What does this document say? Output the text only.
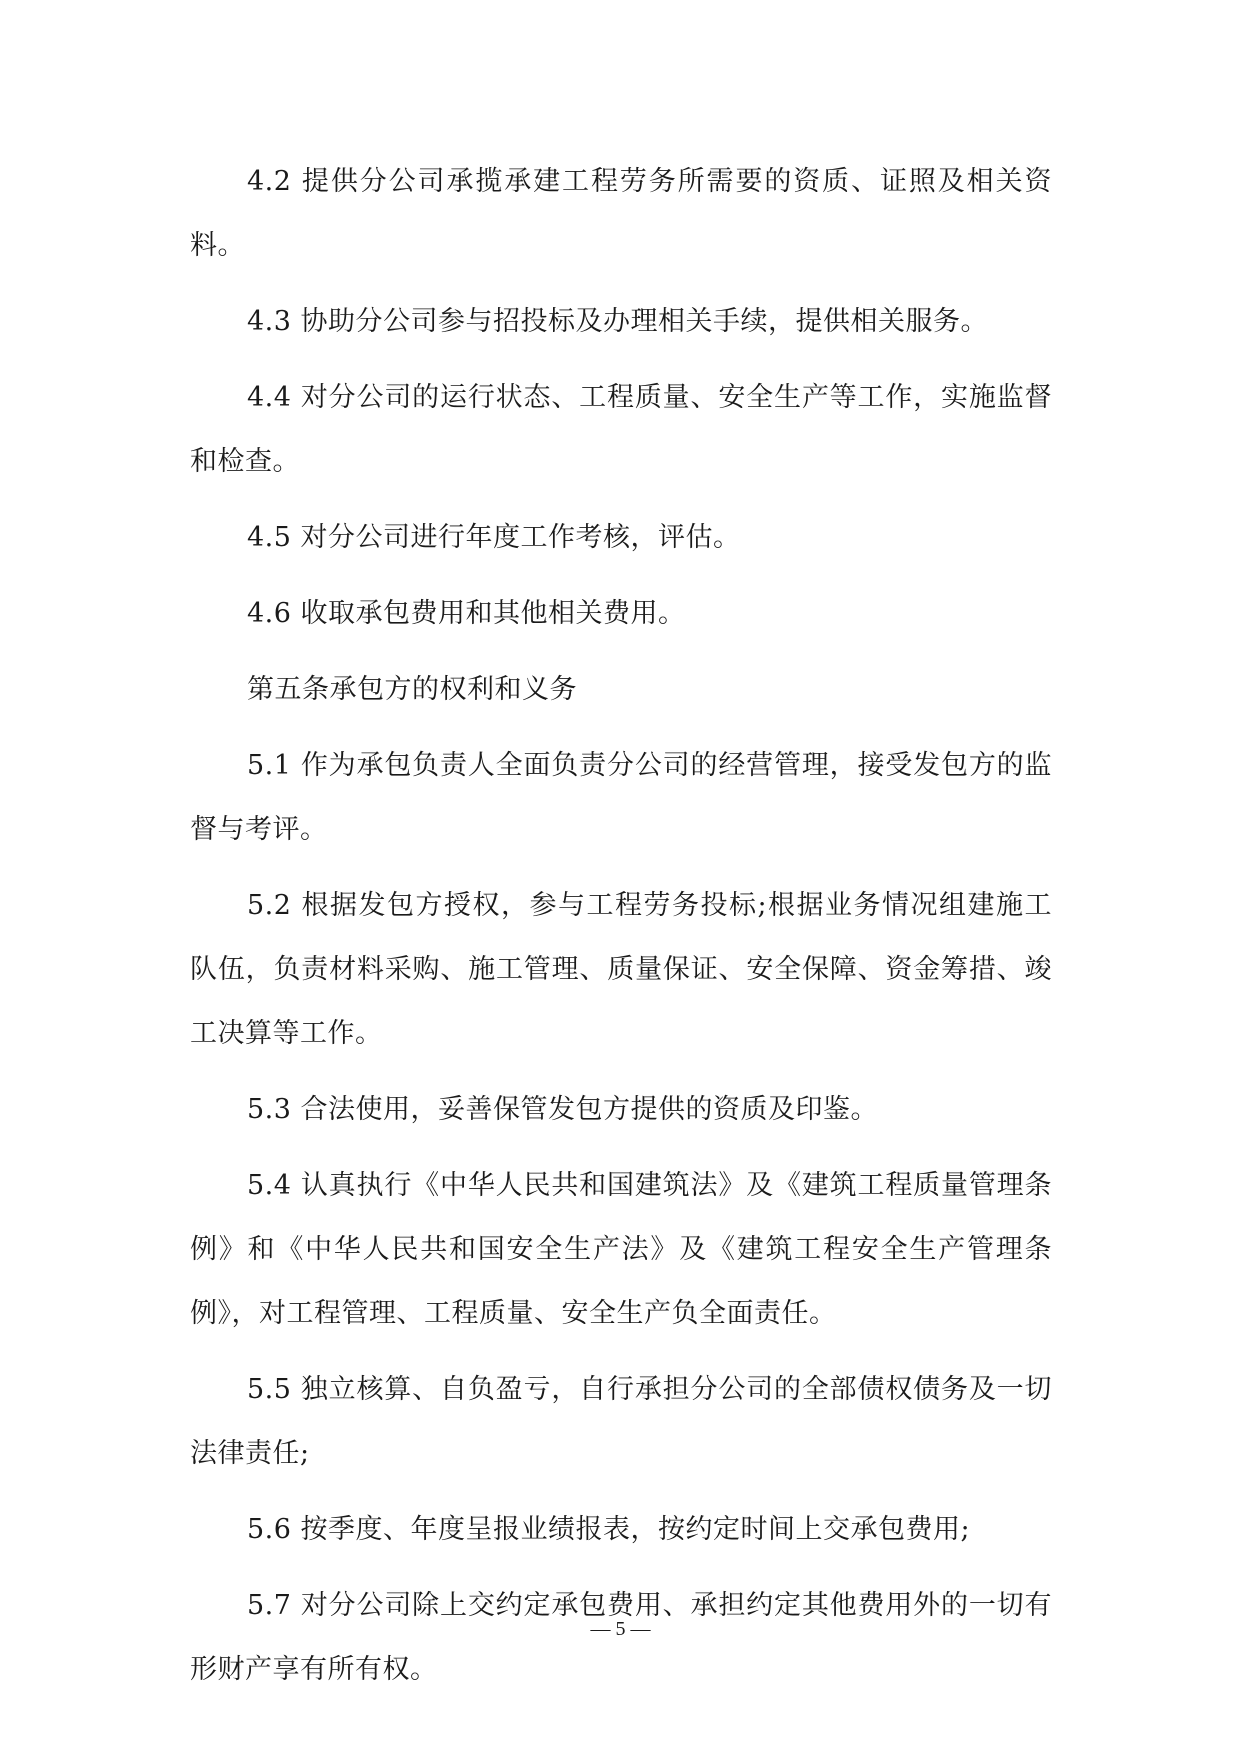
4.2 提供分公司承揽承建工程劳务所需要的资质、证照及相关资料。

4.3 协助分公司参与招投标及办理相关手续，提供相关服务。

4.4 对分公司的运行状态、工程质量、安全生产等工作，实施监督和检查。

4.5 对分公司进行年度工作考核，评估。

4.6 收取承包费用和其他相关费用。

第五条承包方的权利和义务

5.1 作为承包负责人全面负责分公司的经营管理，接受发包方的监督与考评。

5.2 根据发包方授权，参与工程劳务投标;根据业务情况组建施工队伍，负责材料采购、施工管理、质量保证、安全保障、资金筹措、竣工决算等工作。

5.3 合法使用，妥善保管发包方提供的资质及印鉴。

5.4 认真执行《中华人民共和国建筑法》及《建筑工程质量管理条例》和《中华人民共和国安全生产法》及《建筑工程安全生产管理条例》，对工程管理、工程质量、安全生产负全面责任。

5.5 独立核算、自负盈亏，自行承担分公司的全部债权债务及一切法律责任;

5.6 按季度、年度呈报业绩报表，按约定时间上交承包费用;

5.7 对分公司除上交约定承包费用、承担约定其他费用外的一切有形财产享有所有权。

— 5 —
